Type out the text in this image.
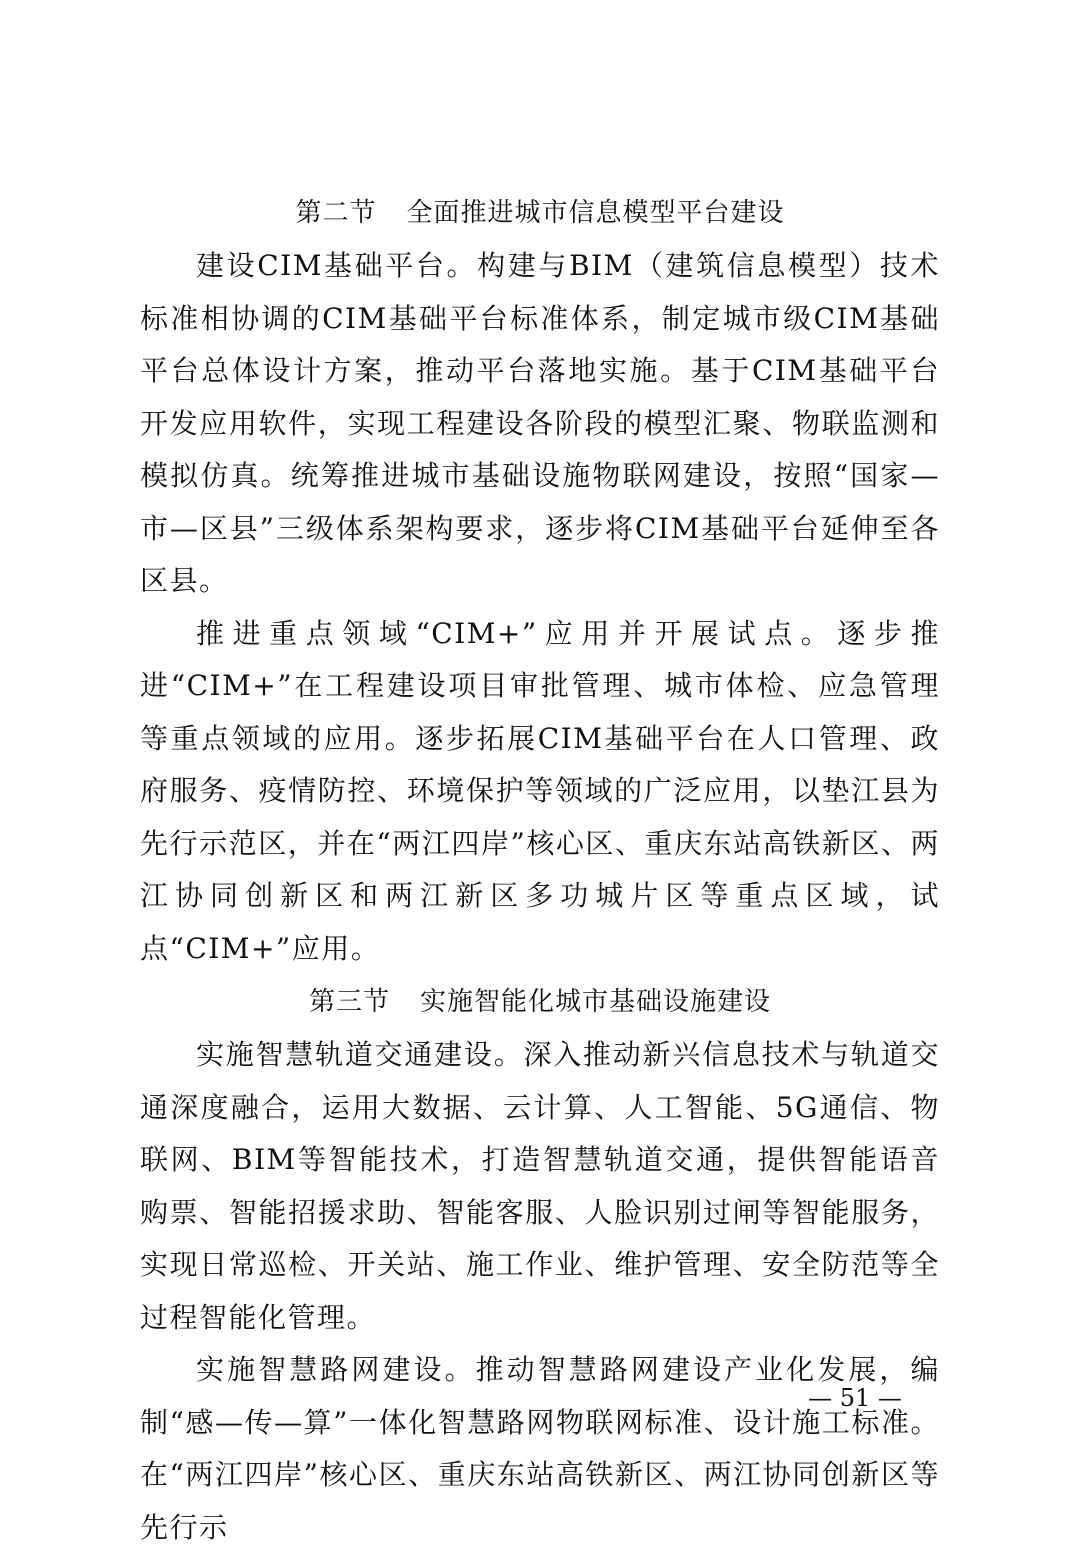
第二节 全面推进城市信息模型平台建设

建设CIM基础平台。构建与BIM（建筑信息模型）技术标准相协调的CIM基础平台标准体系，制定城市级CIM基础平台总体设计方案，推动平台落地实施。基于CIM基础平台开发应用软件，实现工程建设各阶段的模型汇聚、物联监测和模拟仿真。统筹推进城市基础设施物联网建设，按照“国家—市—区县”三级体系架构要求，逐步将CIM基础平台延伸至各区县。

推进重点领域“CIM+”应用并开展试点。逐步推进“CIM+”在工程建设项目审批管理、城市体检、应急管理等重点领域的应用。逐步拓展CIM基础平台在人口管理、政府服务、疫情防控、环境保护等领域的广泛应用，以垫江县为先行示范区，并在“两江四岸”核心区、重庆东站高铁新区、两江协同创新区和两江新区多功城片区等重点区域，试点“CIM+”应用。

第三节 实施智能化城市基础设施建设

实施智慧轨道交通建设。深入推动新兴信息技术与轨道交通深度融合，运用大数据、云计算、人工智能、5G通信、物联网、BIM等智能技术，打造智慧轨道交通，提供智能语音购票、智能招援求助、智能客服、人脸识别过闸等智能服务，实现日常巡检、开关站、施工作业、维护管理、安全防范等全过程智能化管理。

实施智慧路网建设。推动智慧路网建设产业化发展，编制“感—传—算”一体化智慧路网物联网标准、设计施工标准。在“两江四岸”核心区、重庆东站高铁新区、两江协同创新区等先行示

— 51 —
